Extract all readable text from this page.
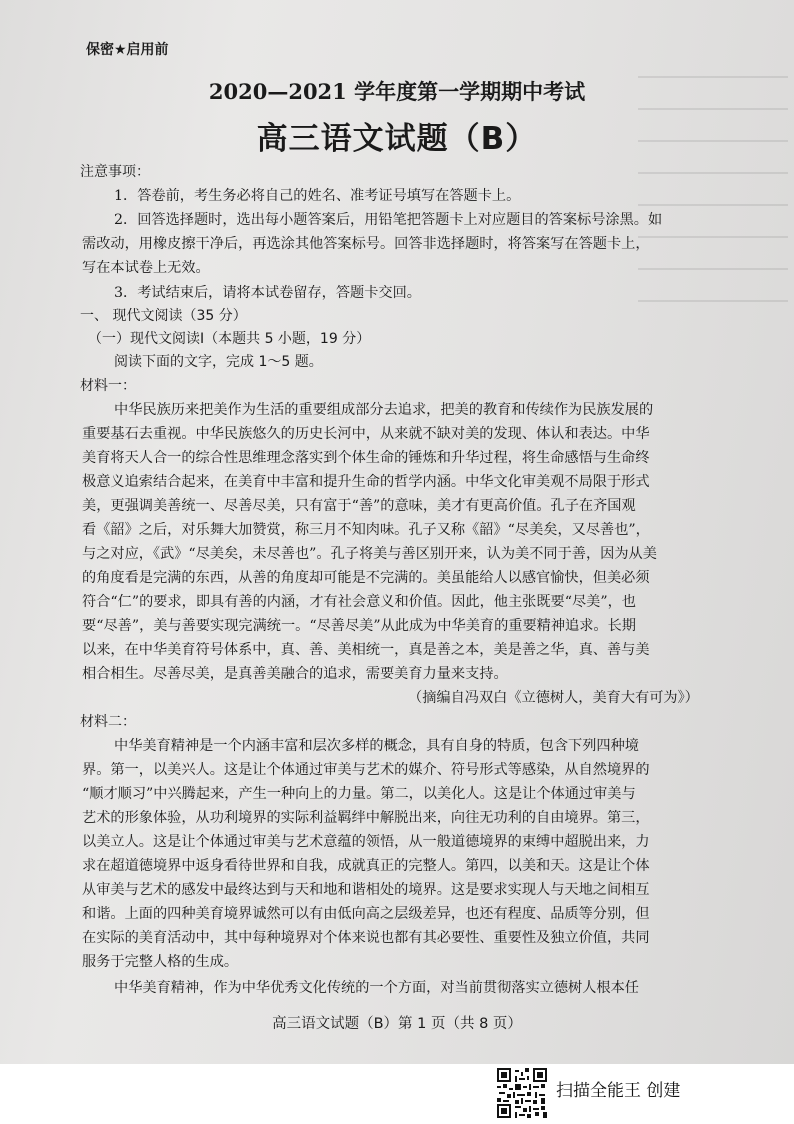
保密★启用前
2020—2021 学年度第一学期期中考试
高三语文试题（B）
注意事项：
1．答卷前，考生务必将自己的姓名、准考证号填写在答题卡上。
2．回答选择题时，选出每小题答案后，用铅笔把答题卡上对应题目的答案标号涂黑。如
需改动，用橡皮擦干净后，再选涂其他答案标号。回答非选择题时，将答案写在答题卡上，
写在本试卷上无效。
3．考试结束后，请将本试卷留存，答题卡交回。
一、 现代文阅读（35 分）
（一）现代文阅读Ⅰ（本题共 5 小题，19 分）
阅读下面的文字，完成 1～5 题。
材料一：
中华民族历来把美作为生活的重要组成部分去追求，把美的教育和传续作为民族发展的
重要基石去重视。中华民族悠久的历史长河中，从来就不缺对美的发现、体认和表达。中华
美育将天人合一的综合性思维理念落实到个体生命的锤炼和升华过程，将生命感悟与生命终
极意义追索结合起来，在美育中丰富和提升生命的哲学内涵。中华文化审美观不局限于形式
美，更强调美善统一、尽善尽美，只有富于“善”的意味，美才有更高价值。孔子在齐国观
看《韶》之后，对乐舞大加赞赏，称三月不知肉味。孔子又称《韶》“尽美矣，又尽善也”，
与之对应，《武》“尽美矣，未尽善也”。孔子将美与善区别开来，认为美不同于善，因为从美
的角度看是完满的东西，从善的角度却可能是不完满的。美虽能给人以感官愉快，但美必须
符合“仁”的要求，即具有善的内涵，才有社会意义和价值。因此，他主张既要“尽美”，也
要“尽善”，美与善要实现完满统一。“尽善尽美”从此成为中华美育的重要精神追求。长期
以来，在中华美育符号体系中，真、善、美相统一，真是善之本，美是善之华，真、善与美
相合相生。尽善尽美，是真善美融合的追求，需要美育力量来支持。
（摘编自冯双白《立德树人，美育大有可为》）
材料二：
中华美育精神是一个内涵丰富和层次多样的概念，具有自身的特质，包含下列四种境
界。第一，以美兴人。这是让个体通过审美与艺术的媒介、符号形式等感染，从自然境界的
“顺才顺习”中兴腾起来，产生一种向上的力量。第二，以美化人。这是让个体通过审美与
艺术的形象体验，从功利境界的实际利益羁绊中解脱出来，向往无功利的自由境界。第三，
以美立人。这是让个体通过审美与艺术意蕴的领悟，从一般道德境界的束缚中超脱出来，力
求在超道德境界中返身看待世界和自我，成就真正的完整人。第四，以美和天。这是让个体
从审美与艺术的感发中最终达到与天和地和谐相处的境界。这是要求实现人与天地之间相互
和谐。上面的四种美育境界诚然可以有由低向高之层级差异，也还有程度、品质等分别，但
在实际的美育活动中，其中每种境界对个体来说也都有其必要性、重要性及独立价值，共同
服务于完整人格的生成。
中华美育精神，作为中华优秀文化传统的一个方面，对当前贯彻落实立德树人根本任
高三语文试题（B）第 1 页（共 8 页）
扫描全能王 创建
